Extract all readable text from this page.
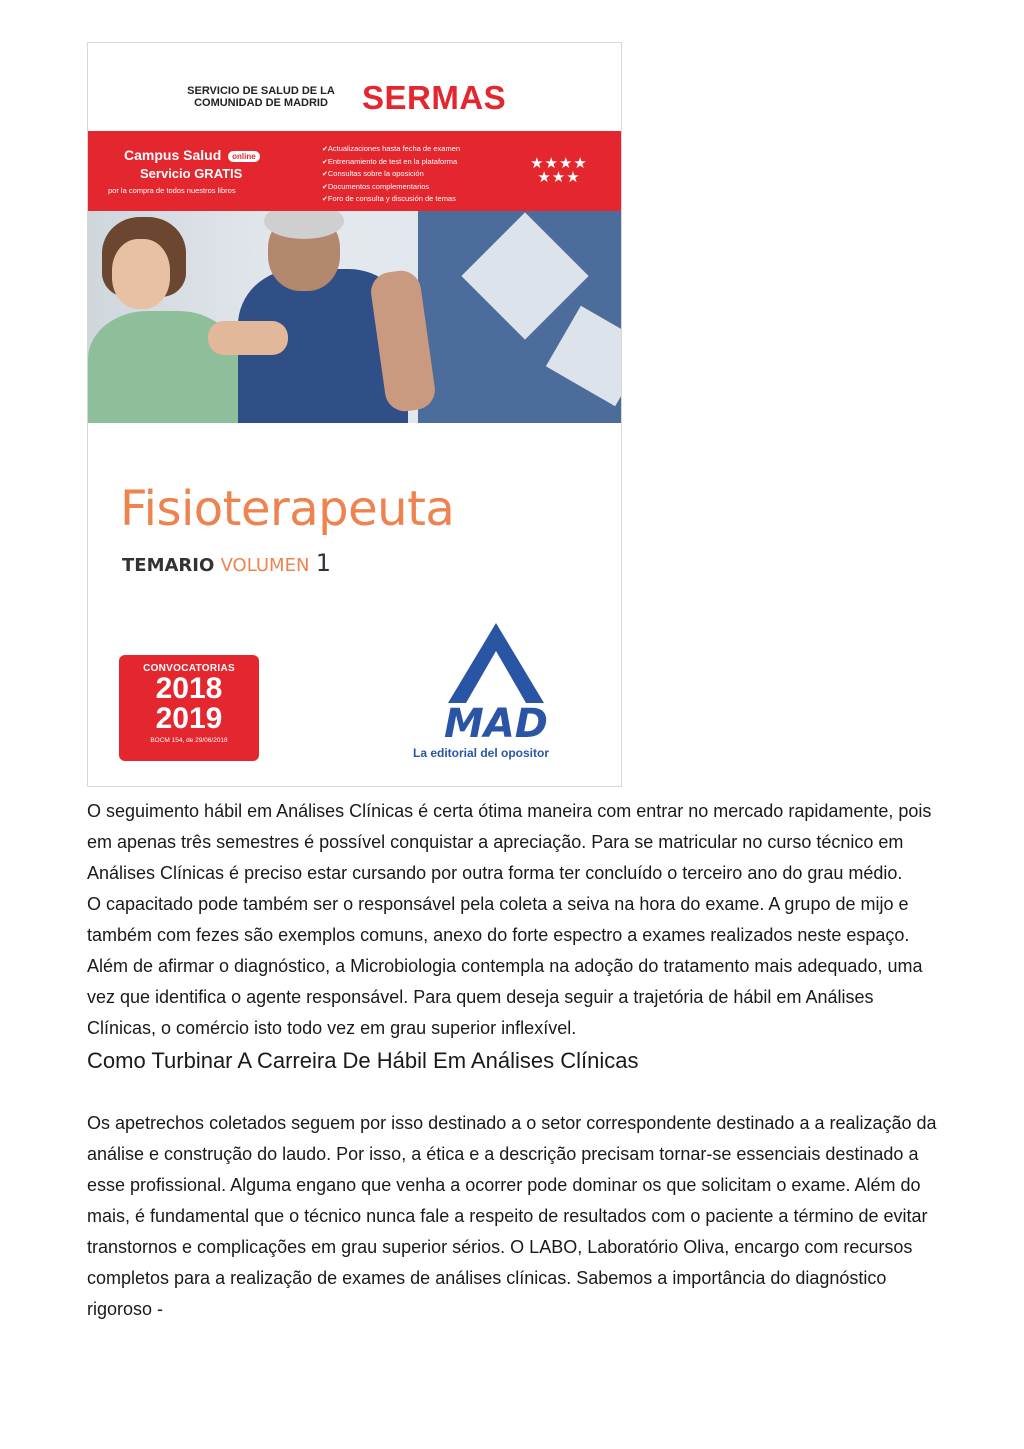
SERVICIO DE SALUD DE LA COMUNIDAD DE MADRID	SERMAS
Campus Salud online
Servicio GRATIS
por la compra de todos nuestros libros
✔ Actualizaciones hasta fecha de examen
✔ Entrenamiento de test en la plataforma
✔ Consultas sobre la oposición
✔ Documentos complementarios
✔ Foro de consulta y discusión de temas
★★★★
★★★
Fisioterapeuta
TEMARIO VOLUMEN 1
CONVOCATORIAS
2018
2019
BOCM 154, de 29/06/2018	MAD
La editorial del opositor

O seguimento hábil em Análises Clínicas é certa ótima maneira com entrar no mercado rapidamente, pois em apenas três semestres é possível conquistar a apreciação. Para se matricular no curso técnico em Análises Clínicas é preciso estar cursando por outra forma ter concluído o terceiro ano do grau médio.

O capacitado pode também ser o responsável pela coleta a seiva na hora do exame. A grupo de mijo e também com fezes são exemplos comuns, anexo do forte espectro a exames realizados neste espaço. Além de afirmar o diagnóstico, a Microbiologia contempla na adoção do tratamento mais adequado, uma vez que identifica o agente responsável. Para quem deseja seguir a trajetória de hábil em Análises Clínicas, o comércio isto todo vez em grau superior inflexível.

Como Turbinar A Carreira De Hábil Em Análises Clínicas

Os apetrechos coletados seguem por isso destinado a o setor correspondente destinado a a realização da análise e construção do laudo. Por isso, a ética e a descrição precisam tornar-se essenciais destinado a esse profissional. Alguma engano que venha a ocorrer pode dominar os que solicitam o exame. Além do mais, é fundamental que o técnico nunca fale a respeito de resultados com o paciente a término de evitar transtornos e complicações em grau superior sérios. O LABO, Laboratório Oliva, encargo com recursos completos para a realização de exames de análises clínicas. Sabemos a importância do diagnóstico rigoroso -
